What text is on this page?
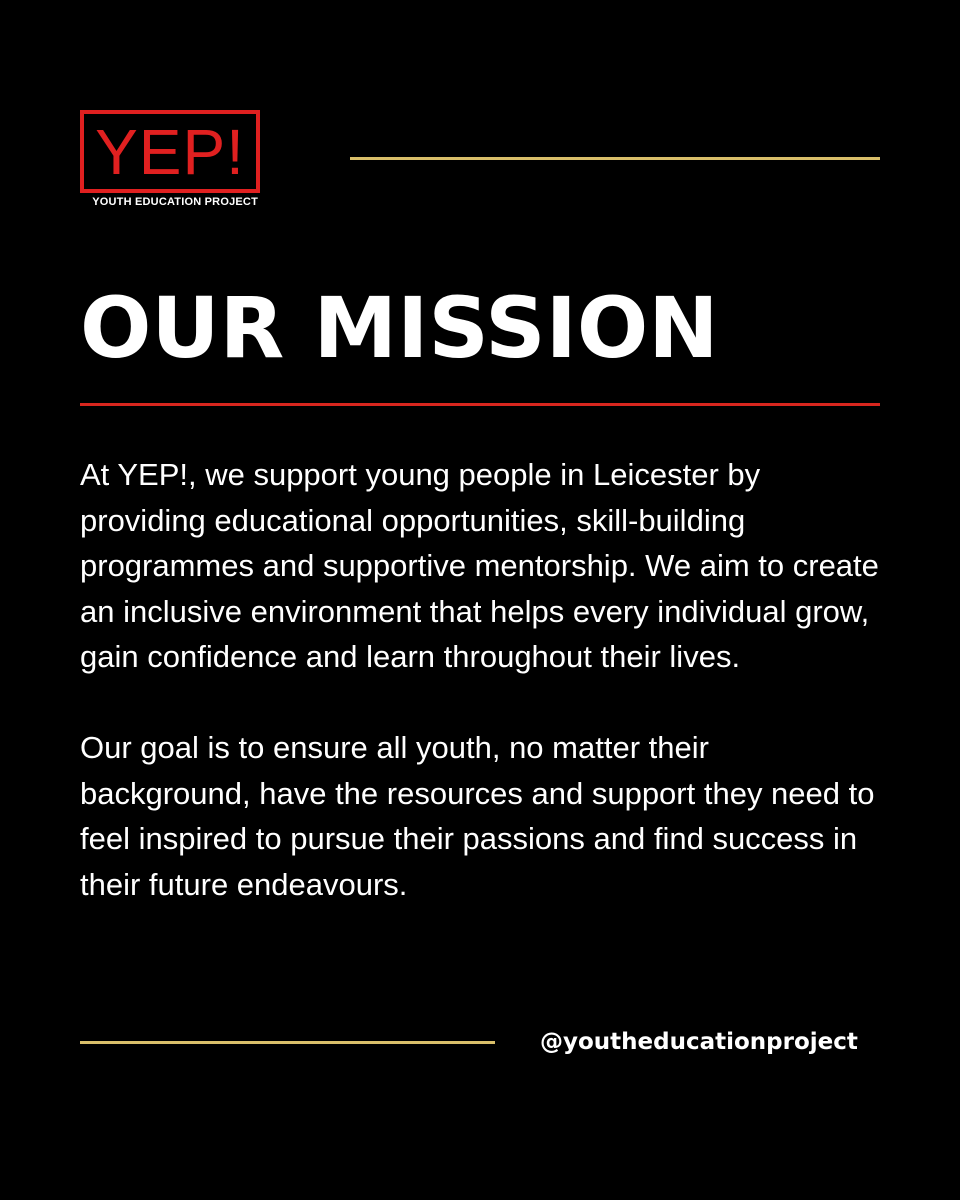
YEP!
YOUTH EDUCATION PROJECT
OUR MISSION

At YEP!, we support young people in Leicester by providing educational opportunities, skill-building programmes and supportive mentorship. We aim to create an inclusive environment that helps every individual grow, gain confidence and learn throughout their lives.

Our goal is to ensure all youth, no matter their background, have the resources and support they need to feel inspired to pursue their passions and find success in their future endeavours.

@youtheducationproject
